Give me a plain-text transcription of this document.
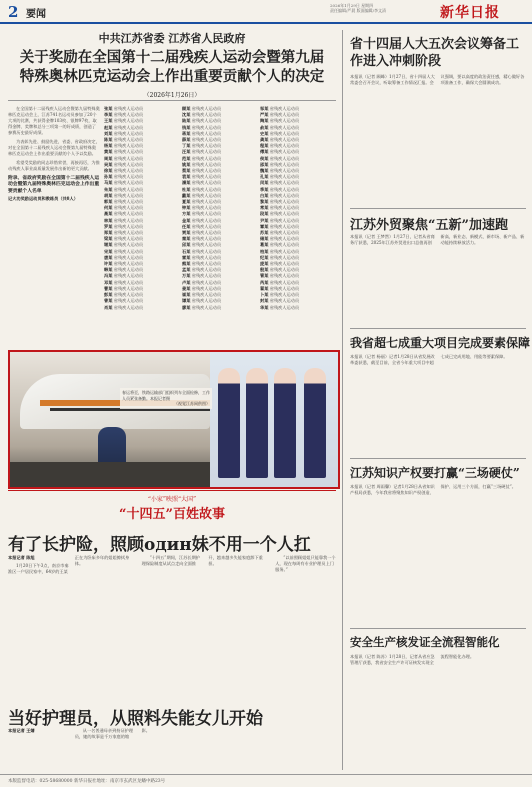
2 要闻
2026年1月29日 星期四
责任编辑/严晨 版面编辑/李文清	新华日报
中共江苏省委 江苏省人民政府
关于奖励在全国第十二届残疾人运动会暨第九届
特殊奥林匹克运动会上作出重要贡献个人的决定
（2026年1月26日）

在全国第十二届残疾人运动会暨第九届特殊奥林匹克运动会上，江苏741名运动员参加了20个大项的比赛，共获得金牌103枚、银牌97枚，取得金牌、奖牌和总分三项第一的好成绩，创造了参赛历史最好成绩。

为表彰先进、鼓励先进，省委、省政府决定，对在全国第十二届残疾人运动会暨第九届特殊奥林匹克运动会上作出重要贡献的个人予以奖励。

希望受奖励的同志珍惜荣誉，再接再厉，为推动残疾人事业高质量发展作出新的更大贡献。

附录、省政府奖励在全国第十二届残疾人运动会暨第九届特殊奥林匹克运动会上作出重要贡献个人名单

记大功奖励运动员和教练员（共8人）

张某 省残疾人运动员
李某 省残疾人运动员
王某 省残疾人运动员
赵某 省残疾人运动员
刘某 省残疾人运动员
陈某 省残疾人运动员
杨某 省残疾人运动员
黄某 省残疾人运动员
周某 省残疾人运动员
吴某 省残疾人运动员
徐某 省残疾人运动员
孙某 省残疾人运动员
马某 省残疾人运动员
朱某 省残疾人运动员
胡某 省残疾人运动员
郭某 省残疾人运动员
何某 省残疾人运动员
高某 省残疾人运动员
林某 省残疾人运动员
罗某 省残疾人运动员
郑某 省残疾人运动员
梁某 省残疾人运动员
谢某 省残疾人运动员
宋某 省残疾人运动员
唐某 省残疾人运动员
许某 省残疾人运动员
韩某 省残疾人运动员
冯某 省残疾人运动员
邓某 省残疾人运动员
曹某 省残疾人运动员
彭某 省残疾人运动员
曾某 省残疾人运动员
肖某 省残疾人运动员
顾某 省残疾人运动员
沈某 省残疾人运动员
陆某 省残疾人运动员
钱某 省残疾人运动员
蒋某 省残疾人运动员
薛某 省残疾人运动员
丁某 省残疾人运动员
汪某 省残疾人运动员
范某 省残疾人运动员
姚某 省残疾人运动员
蔡某 省残疾人运动员
袁某 省残疾人运动员
潘某 省残疾人运动员
杜某 省残疾人运动员
戴某 省残疾人运动员
夏某 省残疾人运动员
钟某 省残疾人运动员
方某 省残疾人运动员
金某 省残疾人运动员
任某 省残疾人运动员
贾某 省残疾人运动员
秦某 省残疾人运动员
邱某 省残疾人运动员
石某 省残疾人运动员
雷某 省残疾人运动员
熊某 省残疾人运动员
孟某 省残疾人运动员
万某 省残疾人运动员
卢某 省残疾人运动员
姜某 省残疾人运动员
崔某 省残疾人运动员
谭某 省残疾人运动员
廖某 省残疾人运动员
邹某 省残疾人运动员
严某 省残疾人运动员
陶某 省残疾人运动员
俞某 省残疾人运动员
史某 省残疾人运动员
龚某 省残疾人运动员
程某 省残疾人运动员
傅某 省残疾人运动员
侯某 省残疾人运动员
邵某 省残疾人运动员
魏某 省残疾人运动员
孔某 省残疾人运动员
闵某 省残疾人运动员
季某 省残疾人运动员
白某 省残疾人运动员
黎某 省残疾人运动员
常某 省残疾人运动员
段某 省残疾人运动员
尹某 省残疾人运动员
覃某 省残疾人运动员
苏某 省残疾人运动员
储某 省残疾人运动员
葛某 省残疾人运动员
柏某 省残疾人运动员
纪某 省残疾人运动员
庞某 省残疾人运动员
殷某 省残疾人运动员
管某 省残疾人运动员
芮某 省残疾人运动员
翟某 省残疾人运动员
卜某 省残疾人运动员
封某 省残疾人运动员
华某 省残疾人运动员
春运将至，铁路运输部门组织列车全面检修，工作人员紧张备勤。本报记者摄
（视觉江苏网供图）
“小家”映照“大国”
“十四五”百姓故事
有了长护险，照顾один妹不用一个人扛

本报记者 陈旭

1月20日下午3点，南京市秦淮区一户居民家中，64岁的王某正在为卧床多年的姐姐擦拭身体。

“十四五”期间，江苏长期护理保险制度从试点走向全面推开，越来越多失能家庭卸下重担。

“以前照顾姐姐只能靠我一个人，现在每周有专业护理员上门服务。”

当好护理员，从照料失能女儿开始

本报记者 王婧	从一名普通母亲到持证护理员，她的故事是千万家庭的缩影。

省十四届人大五次会议筹备工作进入冲刺阶段
本报讯（记者 顾峰）1月27日，省十四届人大常委会召开会议，听取筹备工作情况汇报。会议强调，要以高度的政治责任感，精心做好各项准备工作，确保大会圆满成功。
江苏外贸聚焦“五新”加速跑
本报讯（记者 王梦然）1月27日，记者从省商务厅获悉，2025年江苏外贸进出口总值再创新高，新业态、新模式、新市场、新产品、新动能持续释放活力。
我省超七成重大项目完成要素保障
本报讯（记者 杨丽）记者1月28日从省发展改革委获悉，截至目前，全省今年重大项目中超七成已完成用地、用能等要素保障。
江苏知识产权要打赢“三场硬仗”
本报讯（记者 周雨馨）记者1月28日从省知识产权局获悉，今年我省将聚焦知识产权创造、保护、运用三个方面，打赢“三场硬仗”。
安全生产核发证全流程智能化
本报讯（记者 陈苏）1月28日，记者从省应急管理厅获悉，我省安全生产许可证核发实现全流程智能化办理。
本版监督电话：025-58680000 新华日报社地址：南京市玄武区龙蟠中路23号
